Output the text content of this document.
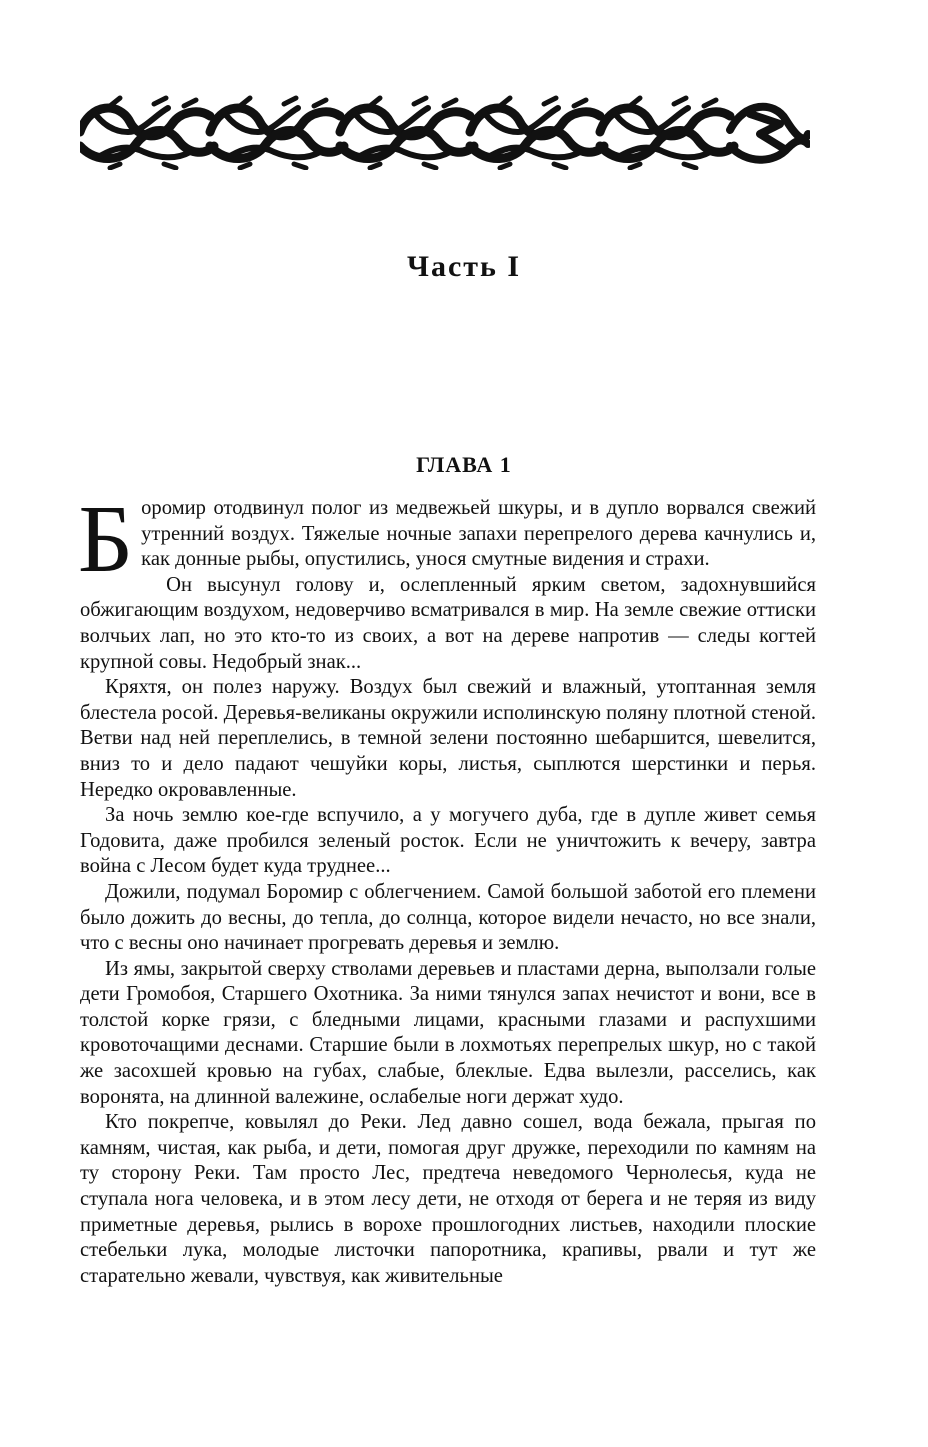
Часть I
ГЛАВА 1

Боромир отодвинул полог из медвежьей шкуры, и в дупло ворвался свежий утренний воздух. Тяжелые ночные запахи перепрелого дерева качнулись и, как донные рыбы, опустились, унося смутные видения и страхи.

Он высунул голову и, ослепленный ярким светом, задохнувшийся обжигающим воздухом, недоверчиво всматривался в мир. На земле свежие оттиски волчьих лап, но это кто-то из своих, а вот на дереве напротив — следы когтей крупной совы. Недобрый знак...

Кряхтя, он полез наружу. Воздух был свежий и влажный, утоптанная земля блестела росой. Деревья-великаны окружили исполинскую поляну плотной стеной. Ветви над ней переплелись, в темной зелени постоянно шебаршится, шевелится, вниз то и дело падают чешуйки коры, листья, сыплются шерстинки и перья. Нередко окровавленные.

За ночь землю кое-где вспучило, а у могучего дуба, где в дупле живет семья Годовита, даже пробился зеленый росток. Если не уничтожить к вечеру, завтра война с Лесом будет куда труднее...

Дожили, подумал Боромир с облегчением. Самой большой заботой его племени было дожить до весны, до тепла, до солнца, которое видели нечасто, но все знали, что с весны оно начинает прогревать деревья и землю.

Из ямы, закрытой сверху стволами деревьев и пластами дерна, выползали голые дети Громобоя, Старшего Охотника. За ними тянулся запах нечистот и вони, все в толстой корке грязи, с бледными лицами, красными глазами и распухшими кровоточащими деснами. Старшие были в лохмотьях перепрелых шкур, но с такой же засохшей кровью на губах, слабые, блеклые. Едва вылезли, расселись, как воронята, на длинной валежине, ослабелые ноги держат худо.

Кто покрепче, ковылял до Реки. Лед давно сошел, вода бежала, прыгая по камням, чистая, как рыба, и дети, помогая друг дружке, переходили по камням на ту сторону Реки. Там просто Лес, предтеча неведомого Чернолесья, куда не ступала нога человека, и в этом лесу дети, не отходя от берега и не теряя из виду приметные деревья, рылись в ворохе прошлогодних листьев, находили плоские стебельки лука, молодые листочки папоротника, крапивы, рвали и тут же старательно жевали, чувствуя, как живительные
